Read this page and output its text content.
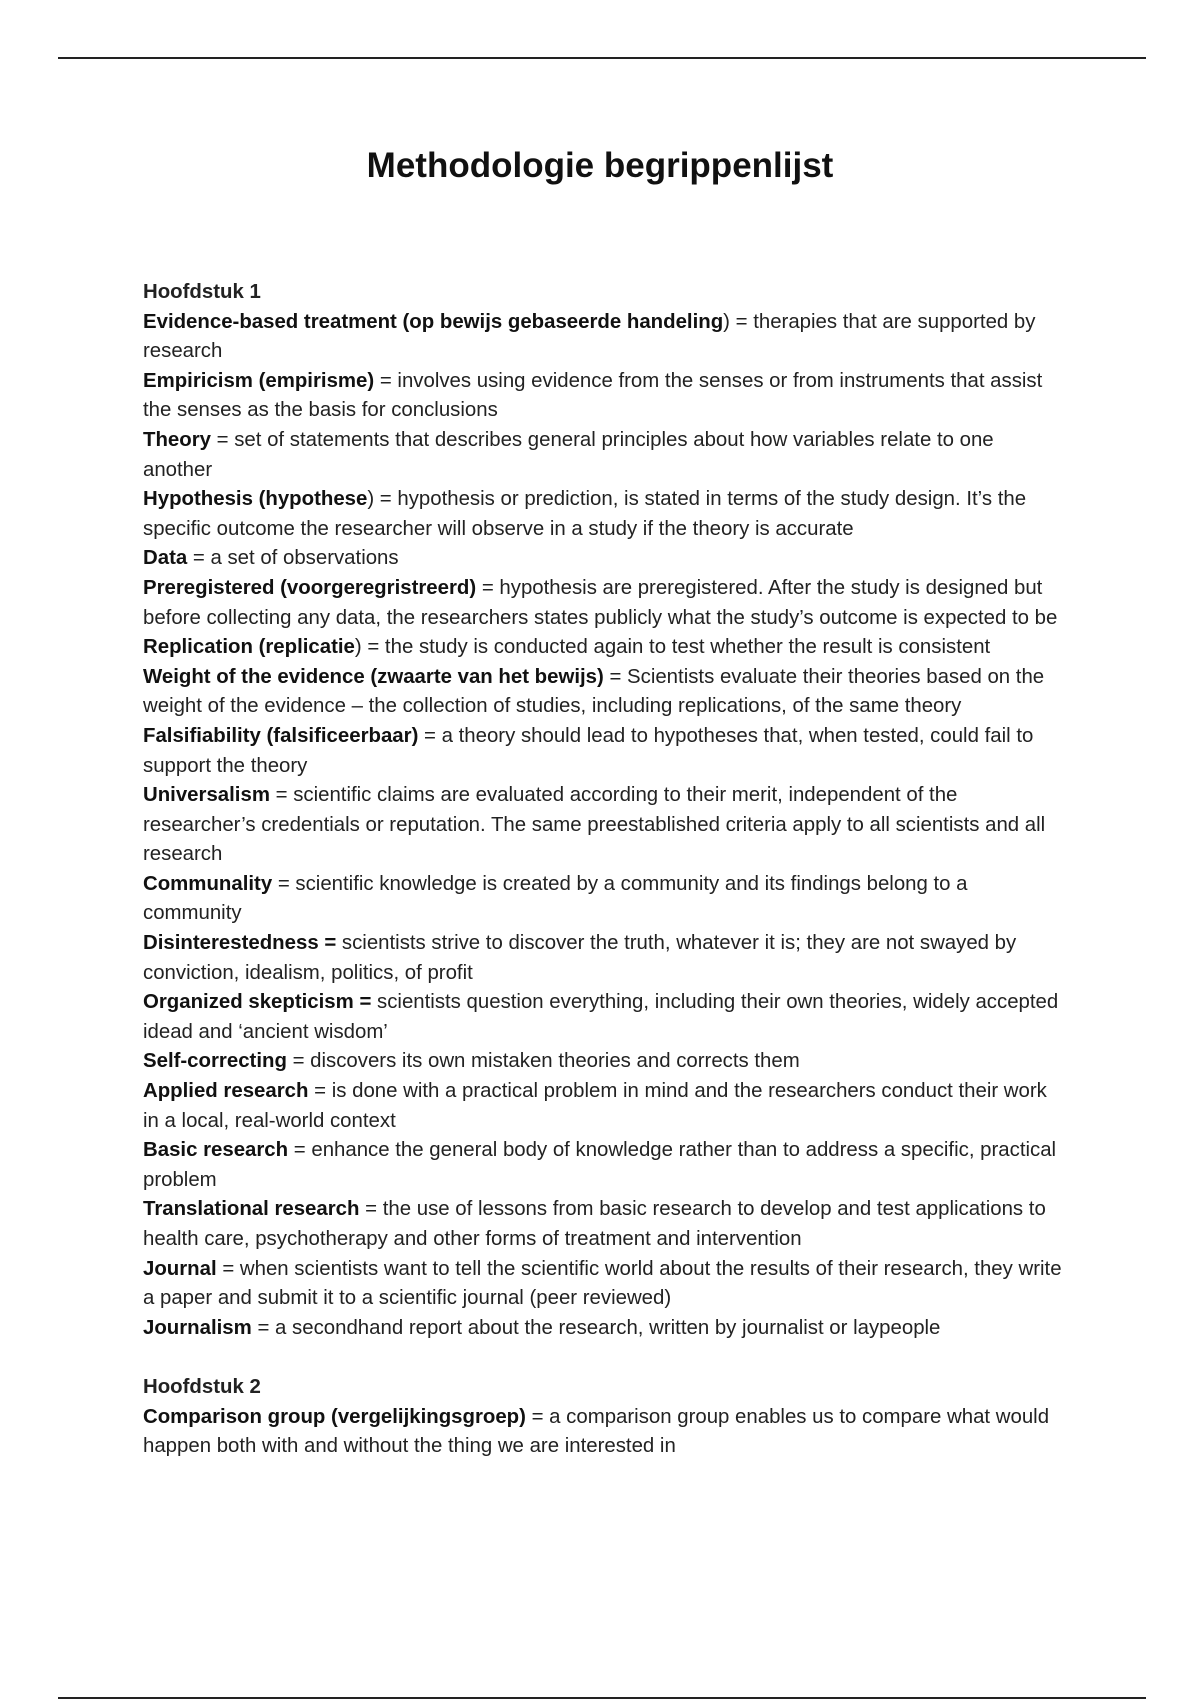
Methodologie begrippenlijst

Hoofdstuk 1

Evidence-based treatment (op bewijs gebaseerde handeling) = therapies that are supported by research

Empiricism (empirisme) = involves using evidence from the senses or from instruments that assist the senses as the basis for conclusions

Theory = set of statements that describes general principles about how variables relate to one another

Hypothesis (hypothese) = hypothesis or prediction, is stated in terms of the study design. It’s the specific outcome the researcher will observe in a study if the theory is accurate

Data = a set of observations

Preregistered (voorgeregristreerd) = hypothesis are preregistered. After the study is designed but before collecting any data, the researchers states publicly what the study’s outcome is expected to be

Replication (replicatie) = the study is conducted again to test whether the result is consistent

Weight of the evidence (zwaarte van het bewijs) = Scientists evaluate their theories based on the weight of the evidence – the collection of studies, including replications, of the same theory

Falsifiability (falsificeerbaar) = a theory should lead to hypotheses that, when tested, could fail to support the theory

Universalism = scientific claims are evaluated according to their merit, independent of the researcher’s credentials or reputation. The same preestablished criteria apply to all scientists and all research

Communality = scientific knowledge is created by a community and its findings belong to a community

Disinterestedness = scientists strive to discover the truth, whatever it is; they are not swayed by conviction, idealism, politics, of profit

Organized skepticism = scientists question everything, including their own theories, widely accepted idead and ‘ancient wisdom’

Self-correcting = discovers its own mistaken theories and corrects them

Applied research = is done with a practical problem in mind and the researchers conduct their work in a local, real-world context

Basic research = enhance the general body of knowledge rather than to address a specific, practical problem

Translational research = the use of lessons from basic research to develop and test applications to health care, psychotherapy and other forms of treatment and intervention

Journal = when scientists want to tell the scientific world about the results of their research, they write a paper and submit it to a scientific journal (peer reviewed)

Journalism = a secondhand report about the research, written by journalist or laypeople

Hoofdstuk 2

Comparison group (vergelijkingsgroep) = a comparison group enables us to compare what would happen both with and without the thing we are interested in
